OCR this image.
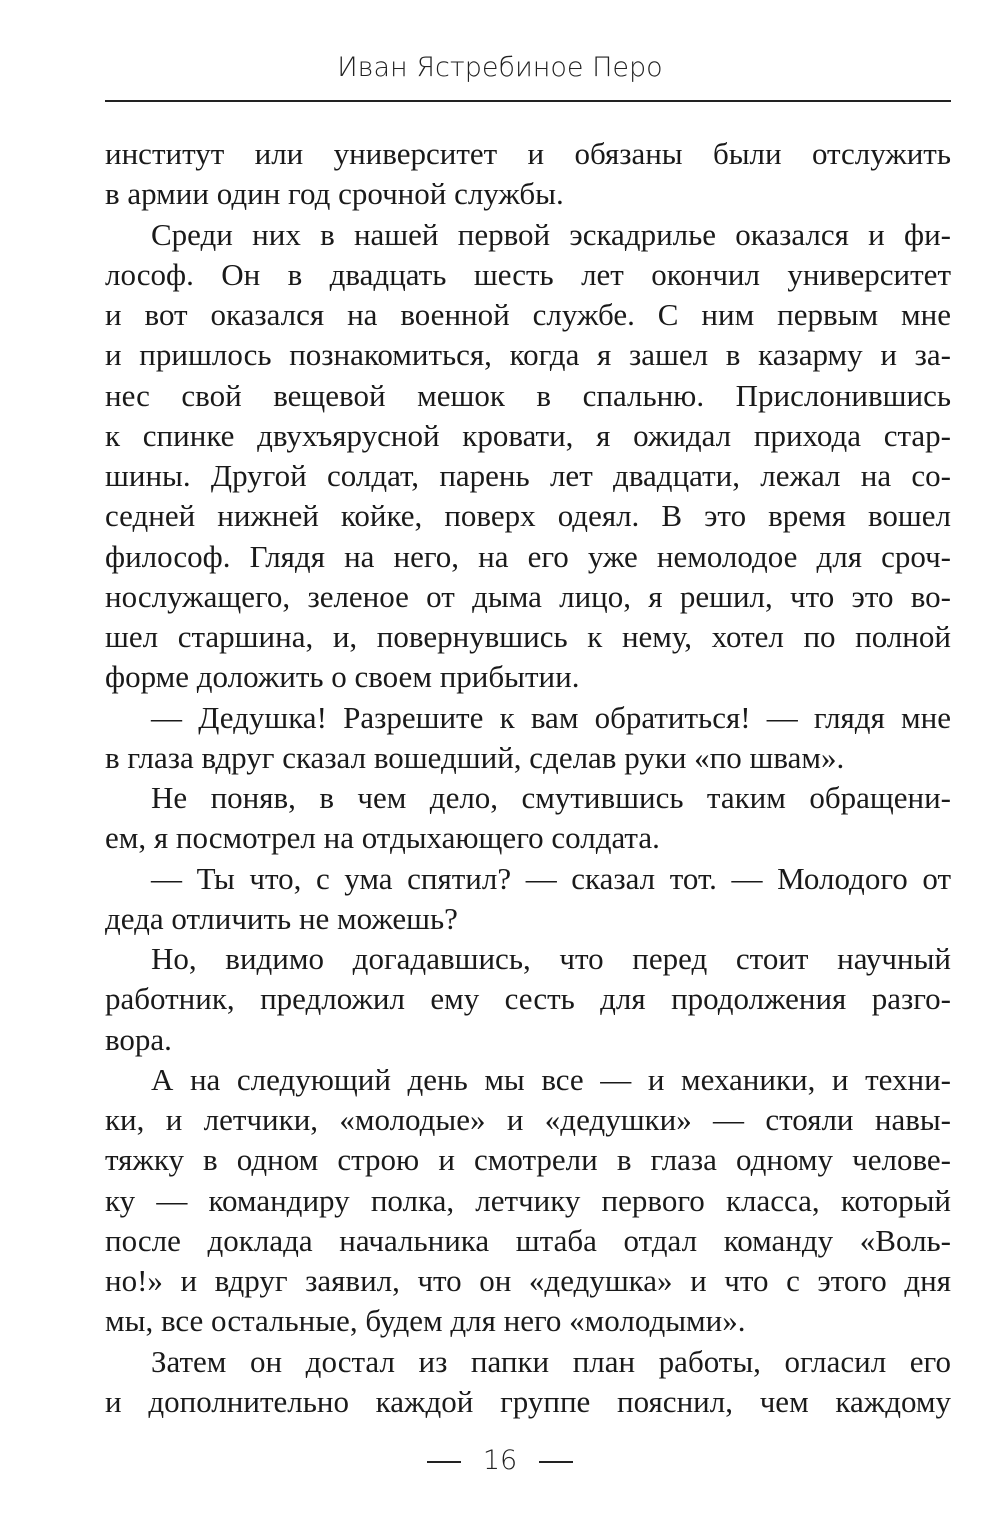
Иван Ястребиное Перо
институт или университет и обязаны были отслужить
в армии один год срочной службы.
Среди них в нашей первой эскадрилье оказался и фи-
лософ. Он в двадцать шесть лет окончил университет
и вот оказался на военной службе. С ним первым мне
и пришлось познакомиться, когда я зашел в казарму и за-
нес свой вещевой мешок в спальню. Прислонившись
к спинке двухъярусной кровати, я ожидал прихода стар-
шины. Другой солдат, парень лет двадцати, лежал на со-
седней нижней койке, поверх одеял. В это время вошел
философ. Глядя на него, на его уже немолодое для сроч-
нослужащего, зеленое от дыма лицо, я решил, что это во-
шел старшина, и, повернувшись к нему, хотел по полной
форме доложить о своем прибытии.
— Дедушка! Разрешите к вам обратиться! — глядя мне
в глаза вдруг сказал вошедший, сделав руки «по швам».
Не поняв, в чем дело, смутившись таким обращени-
ем, я посмотрел на отдыхающего солдата.
— Ты что, с ума спятил? — сказал тот. — Молодого от
деда отличить не можешь?
Но, видимо догадавшись, что перед стоит научный
работник, предложил ему сесть для продолжения разго-
вора.
А на следующий день мы все — и механики, и техни-
ки, и летчики, «молодые» и «дедушки» — стояли навы-
тяжку в одном строю и смотрели в глаза одному челове-
ку — командиру полка, летчику первого класса, который
после доклада начальника штаба отдал команду «Воль-
но!» и вдруг заявил, что он «дедушка» и что с этого дня
мы, все остальные, будем для него «молодыми».
Затем он достал из папки план работы, огласил его
и дополнительно каждой группе пояснил, чем каждому
16
